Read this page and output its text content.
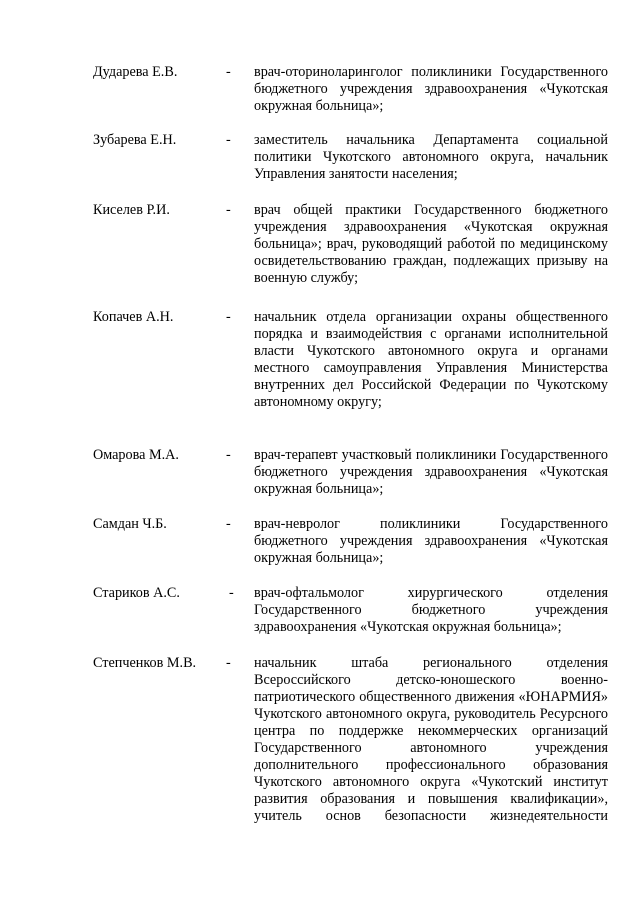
Дударева Е.В.	- врач-оториноларинголог поликлиники Государственного бюджетного учреждения здравоохранения «Чукотская окружная больница»;
Зубарева Е.Н.	- заместитель начальника Департамента социальной политики Чукотского автономного округа, начальник Управления занятости населения;
Киселев Р.И.	- врач общей практики Государственного бюджетного учреждения здравоохранения «Чукотская окружная больница»; врач, руководящий работой по медицинскому освидетельствованию граждан, подлежащих призыву на военную службу;
Копачев А.Н.	- начальник отдела организации охраны общественного порядка и взаимодействия с органами исполнительной власти Чукотского автономного округа и органами местного самоуправления Управления Министерства внутренних дел Российской Федерации по Чукотскому автономному округу;
Омарова М.А.	- врач-терапевт участковый поликлиники Государственного бюджетного учреждения здравоохранения «Чукотская окружная больница»;
Самдан Ч.Б.	- врач-невролог поликлиники Государственного бюджетного учреждения здравоохранения «Чукотская окружная больница»;
Стариков А.С.	- врач-офтальмолог хирургического отделения Государственного бюджетного учреждения здравоохранения «Чукотская окружная больница»;
Степченков М.В. - начальник штаба регионального отделения Всероссийского детско-юношеского военно-патриотического общественного движения «ЮНАРМИЯ» Чукотского автономного округа, руководитель Ресурсного центра по поддержке некоммерческих организаций Государственного автономного учреждения дополнительного профессионального образования Чукотского автономного округа «Чукотский институт развития образования и повышения квалификации», учитель основ безопасности жизнедеятельности
